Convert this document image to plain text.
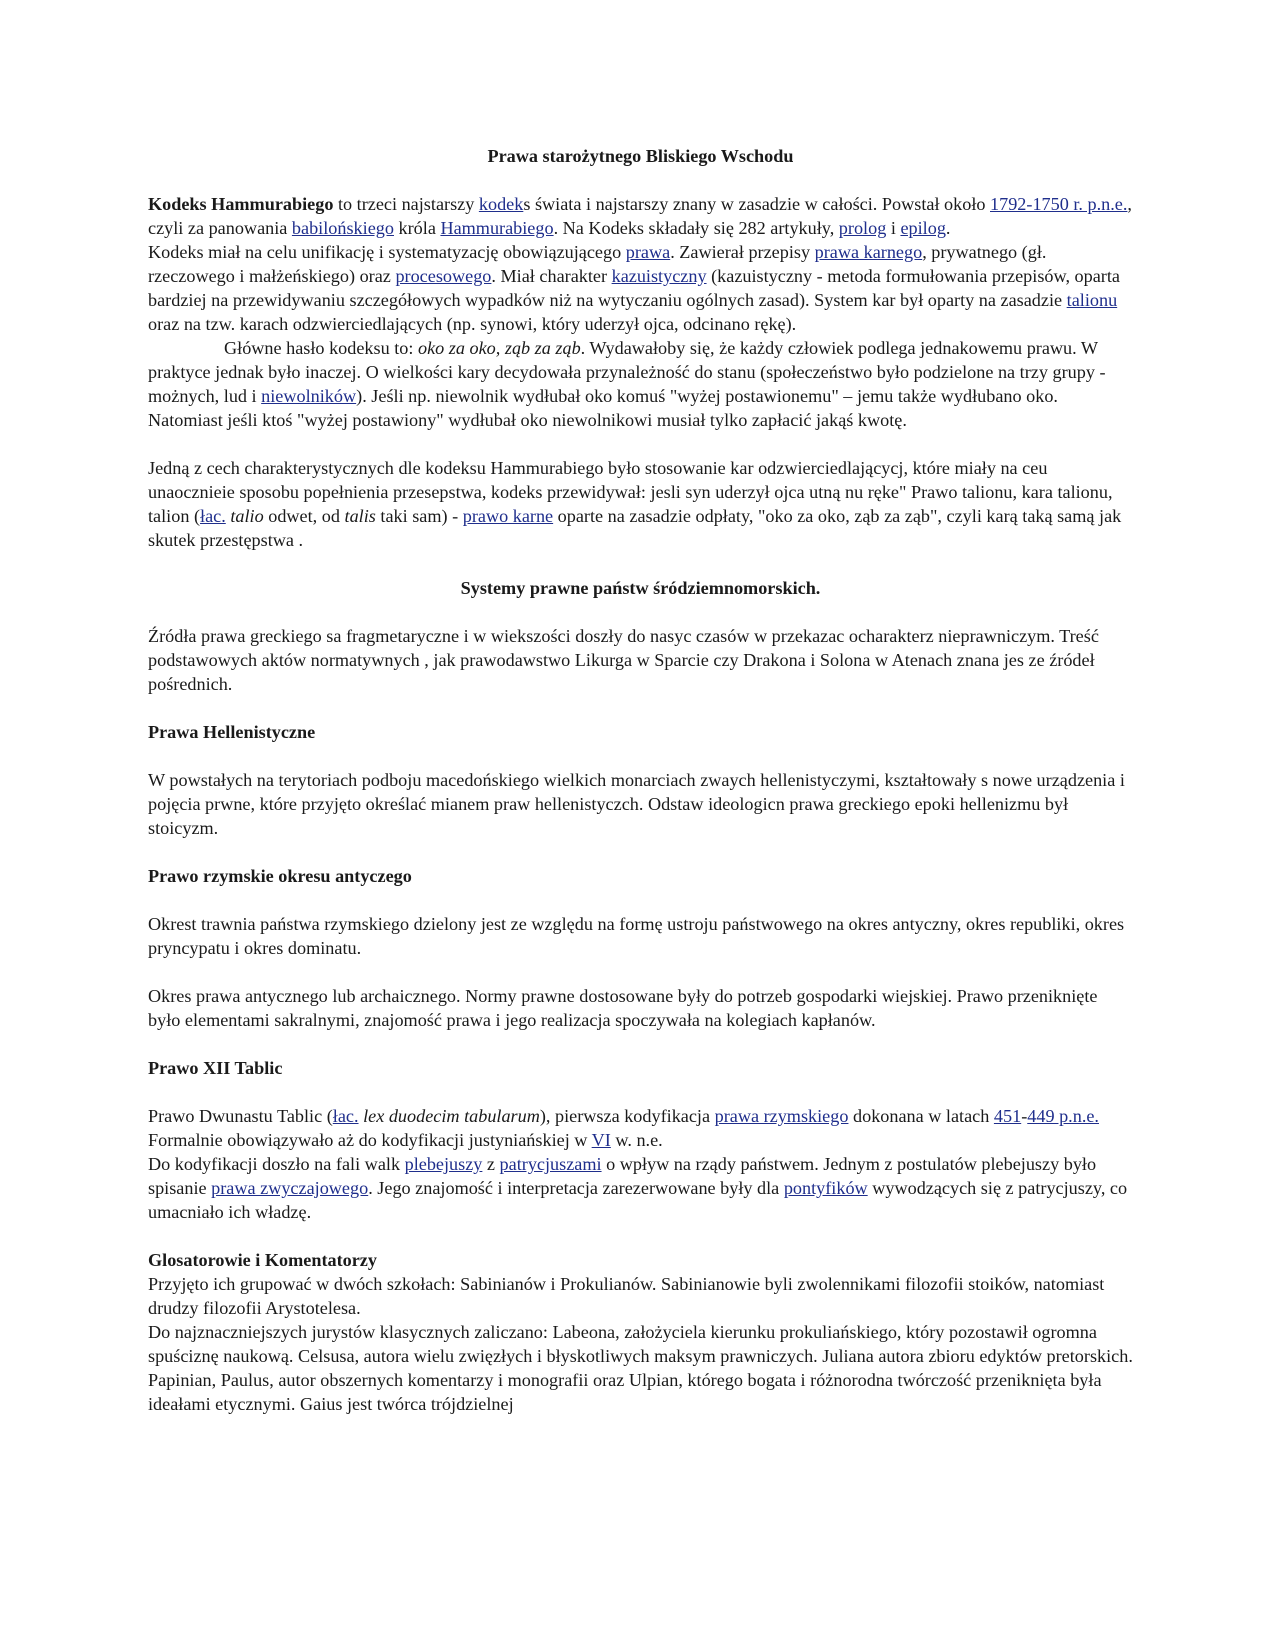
Prawa starożytnego Bliskiego Wschodu

Kodeks Hammurabiego to trzeci najstarszy kodeks świata i najstarszy znany w zasadzie w całości. Powstał około 1792-1750 r. p.n.e., czyli za panowania babilońskiego króla Hammurabiego. Na Kodeks składały się 282 artykuły, prolog i epilog.

Kodeks miał na celu unifikację i systematyzację obowiązującego prawa. Zawierał przepisy prawa karnego, prywatnego (gł. rzeczowego i małżeńskiego) oraz procesowego. Miał charakter kazuistyczny (kazuistyczny - metoda formułowania przepisów, oparta bardziej na przewidywaniu szczegółowych wypadków niż na wytyczaniu ogólnych zasad). System kar był oparty na zasadzie talionu oraz na tzw. karach odzwierciedlających (np. synowi, który uderzył ojca, odcinano rękę).

Główne hasło kodeksu to: oko za oko, ząb za ząb. Wydawałoby się, że każdy człowiek podlega jednakowemu prawu. W praktyce jednak było inaczej. O wielkości kary decydowała przynależność do stanu (społeczeństwo było podzielone na trzy grupy - możnych, lud i niewolników). Jeśli np. niewolnik wydłubał oko komuś "wyżej postawionemu" – jemu także wydłubano oko. Natomiast jeśli ktoś "wyżej postawiony" wydłubał oko niewolnikowi musiał tylko zapłacić jakąś kwotę.

Jedną z cech charakterystycznych dle kodeksu Hammurabiego było stosowanie kar odzwierciedlającycj, które miały na ceu unaocznieie sposobu popełnienia przesepstwa, kodeks przewidywał: jesli syn uderzył ojca utną nu ręke" Prawo talionu, kara talionu, talion (łac. talio odwet, od talis taki sam) - prawo karne oparte na zasadzie odpłaty, "oko za oko, ząb za ząb", czyli karą taką samą jak skutek przestępstwa .

Systemy prawne państw śródziemnomorskich.

Źródła prawa greckiego sa fragmetaryczne i w wiekszości doszły do nasyc czasów w przekazac ocharakterz nieprawniczym. Treść podstawowych aktów normatywnych , jak prawodawstwo Likurga w Sparcie czy Drakona i Solona w Atenach znana jes ze źródeł pośrednich.

Prawa Hellenistyczne

W powstałych na terytoriach podboju macedońskiego wielkich monarciach zwaych hellenistyczymi, kształtowały s nowe urządzenia i pojęcia prwne, które przyjęto określać mianem praw hellenistyczch. Odstaw ideologicn prawa greckiego epoki hellenizmu był stoicyzm.

Prawo rzymskie okresu antyczego

Okrest trawnia państwa rzymskiego dzielony jest ze względu na formę ustroju państwowego na okres antyczny, okres republiki, okres pryncypatu i okres dominatu.

Okres prawa antycznego lub archaicznego. Normy prawne dostosowane były do potrzeb gospodarki wiejskiej. Prawo przeniknięte było elementami sakralnymi, znajomość prawa i jego realizacja spoczywała na kolegiach kapłanów.

Prawo XII Tablic

Prawo Dwunastu Tablic (łac. lex duodecim tabularum), pierwsza kodyfikacja prawa rzymskiego dokonana w latach 451-449 p.n.e. Formalnie obowiązywało aż do kodyfikacji justyniańskiej w VI w. n.e.

Do kodyfikacji doszło na fali walk plebejuszy z patrycjuszami o wpływ na rządy państwem. Jednym z postulatów plebejuszy było spisanie prawa zwyczajowego. Jego znajomość i interpretacja zarezerwowane były dla pontyfików wywodzących się z patrycjuszy, co umacniało ich władzę.

Glosatorowie i Komentatorzy

Przyjęto ich grupować w dwóch szkołach: Sabinianów i Prokulianów. Sabinianowie byli zwolennikami filozofii stoików, natomiast drudzy filozofii Arystotelesa.

Do najznaczniejszych jurystów klasycznych zaliczano: Labeona, założyciela kierunku prokuliańskiego, który pozostawił ogromna spuściznę naukową. Celsusa, autora wielu zwięzłych i błyskotliwych maksym prawniczych. Juliana autora zbioru edyktów pretorskich. Papinian, Paulus, autor obszernych komentarzy i monografii oraz Ulpian, którego bogata i różnorodna twórczość przeniknięta była ideałami etycznymi. Gaius jest twórca trójdzielnej
